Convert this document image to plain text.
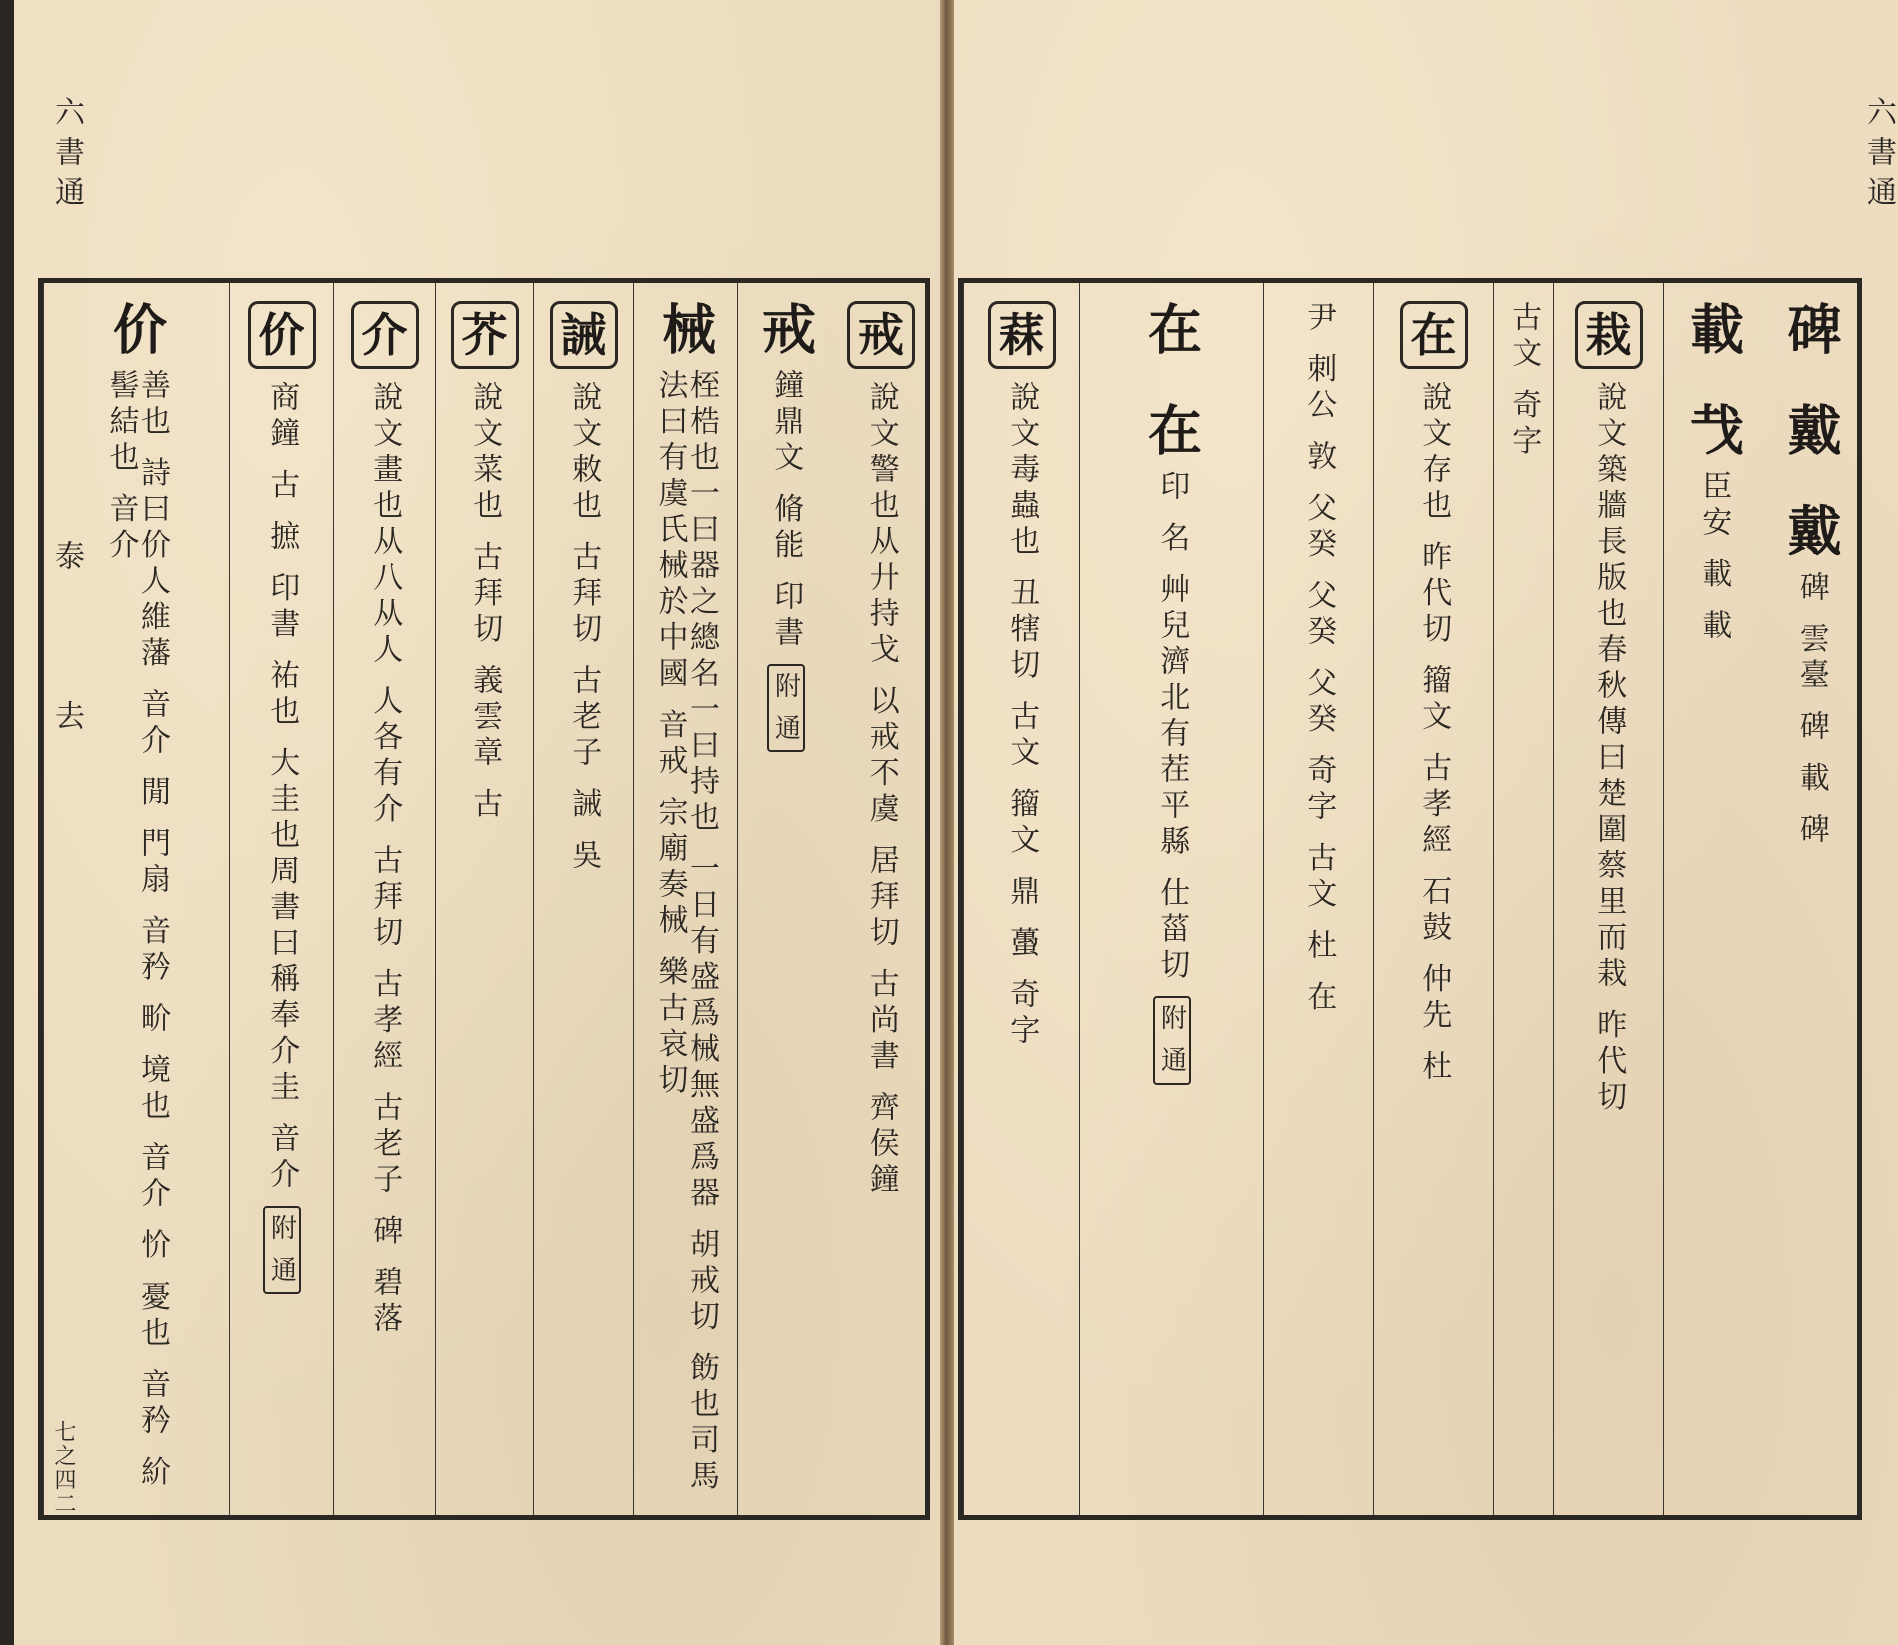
六書通
泰
去
七之四二
六書通
戒
說文警也从廾持戈 以戒不虞 居拜切 古尚書 齊侯鐘
戒
鐘鼎文 脩能 印書
附 通
械
桎梏也一曰器之總名一曰持也 一日有盛爲械無盛爲器 胡戒切 飭也司馬法曰有虞氏械於中國 音戒 宗廟奏械 樂古哀切
誡
說文敕也 古拜切 古老子 誡 吳
芥
說文菜也 古拜切 義雲章 古
介
說文畫也从八从人 人各有介 古拜切 古孝經 古老子 碑 碧落
价
商鐘 古 摭 印書 祐也 大圭也周書曰稱奉介圭 音介
附 通
价
善也 詩曰价人維藩 音介 閒 門扇 音矜 畍 境也 音介 忦 憂也 音矜 紒 髻結也 音介	碑 戴 戴
碑 雲臺 碑 載 碑
載 𢦏
臣安 載 載
栽
說文築牆長版也春秋傳曰楚圍蔡里而栽 昨代切
古文 奇字
在
說文存也 昨代切 籀文 古孝經 石鼓 仲先 杜
尹 刺公 敦 父癸 父癸 父癸 奇字 古文 杜 在
在 在
印 名 艸兒濟北有茬平縣 仕菑切
附 通
䔉
說文毒蟲也 丑犗切 古文 籀文 鼎 蠆 奇字
